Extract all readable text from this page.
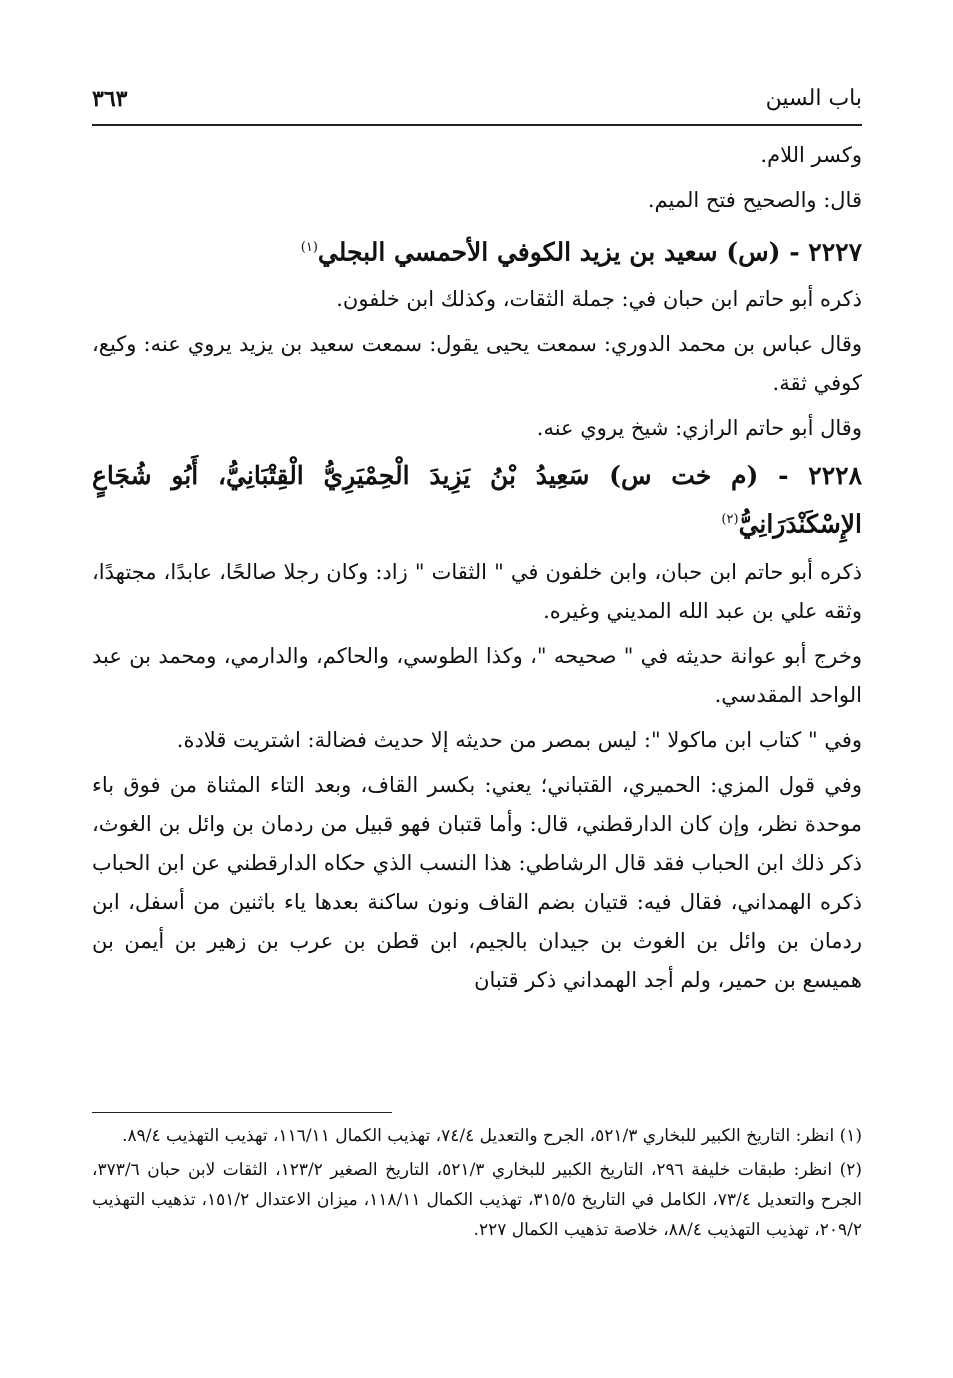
باب السين
٣٦٣

وكسر اللام.

قال: والصحيح فتح الميم.

٢٢٢٧ - (س) سعيد بن يزيد الكوفي الأحمسي البجلي$^{(١)}$

ذكره أبو حاتم ابن حبان في: جملة الثقات، وكذلك ابن خلفون.

وقال عباس بن محمد الدوري: سمعت يحيى يقول: سمعت سعيد بن يزيد يروي عنه: وكيع، كوفي ثقة.

وقال أبو حاتم الرازي: شيخ يروي عنه.

٢٢٢٨ - (م خت س) سَعِيدُ بْنُ يَزِيدَ الْحِمْيَرِيُّ الْقِتْبَانِيُّ، أَبُو شُجَاعٍ الإِسْكَنْدَرَانِيُّ$^{(٢)}$

ذكره أبو حاتم ابن حبان، وابن خلفون في " الثقات " زاد: وكان رجلا صالحًا، عابدًا، مجتهدًا، وثقه علي بن عبد الله المديني وغيره.

وخرج أبو عوانة حديثه في " صحيحه "، وكذا الطوسي، والحاكم، والدارمي، ومحمد بن عبد الواحد المقدسي.

وفي " كتاب ابن ماكولا ": ليس بمصر من حديثه إلا حديث فضالة: اشتريت قلادة.

وفي قول المزي: الحميري، القتباني؛ يعني: بكسر القاف، وبعد التاء المثناة من فوق باء موحدة نظر، وإن كان الدارقطني، قال: وأما قتبان فهو قبيل من ردمان بن وائل بن الغوث، ذكر ذلك ابن الحباب فقد قال الرشاطي: هذا النسب الذي حكاه الدارقطني عن ابن الحباب ذكره الهمداني، فقال فيه: قتيان بضم القاف ونون ساكنة بعدها ياء باثنين من أسفل، ابن ردمان بن وائل بن الغوث بن جيدان بالجيم، ابن قطن بن عرب بن زهير بن أيمن بن هميسع بن حمير، ولم أجد الهمداني ذكر قتبان

(١) انظر: التاريخ الكبير للبخاري ٥٢١/٣، الجرح والتعديل ٧٤/٤، تهذيب الكمال ١١٦/١١، تهذيب التهذيب ٨٩/٤.

(٢) انظر: طبقات خليفة ٢٩٦، التاريخ الكبير للبخاري ٥٢١/٣، التاريخ الصغير ١٢٣/٢، الثقات لابن حبان ٣٧٣/٦، الجرح والتعديل ٧٣/٤، الكامل في التاريخ ٣١٥/٥، تهذيب الكمال ١١٨/١١، ميزان الاعتدال ١٥١/٢، تذهيب التهذيب ٢٠٩/٢، تهذيب التهذيب ٨٨/٤، خلاصة تذهيب الكمال ٢٢٧.
